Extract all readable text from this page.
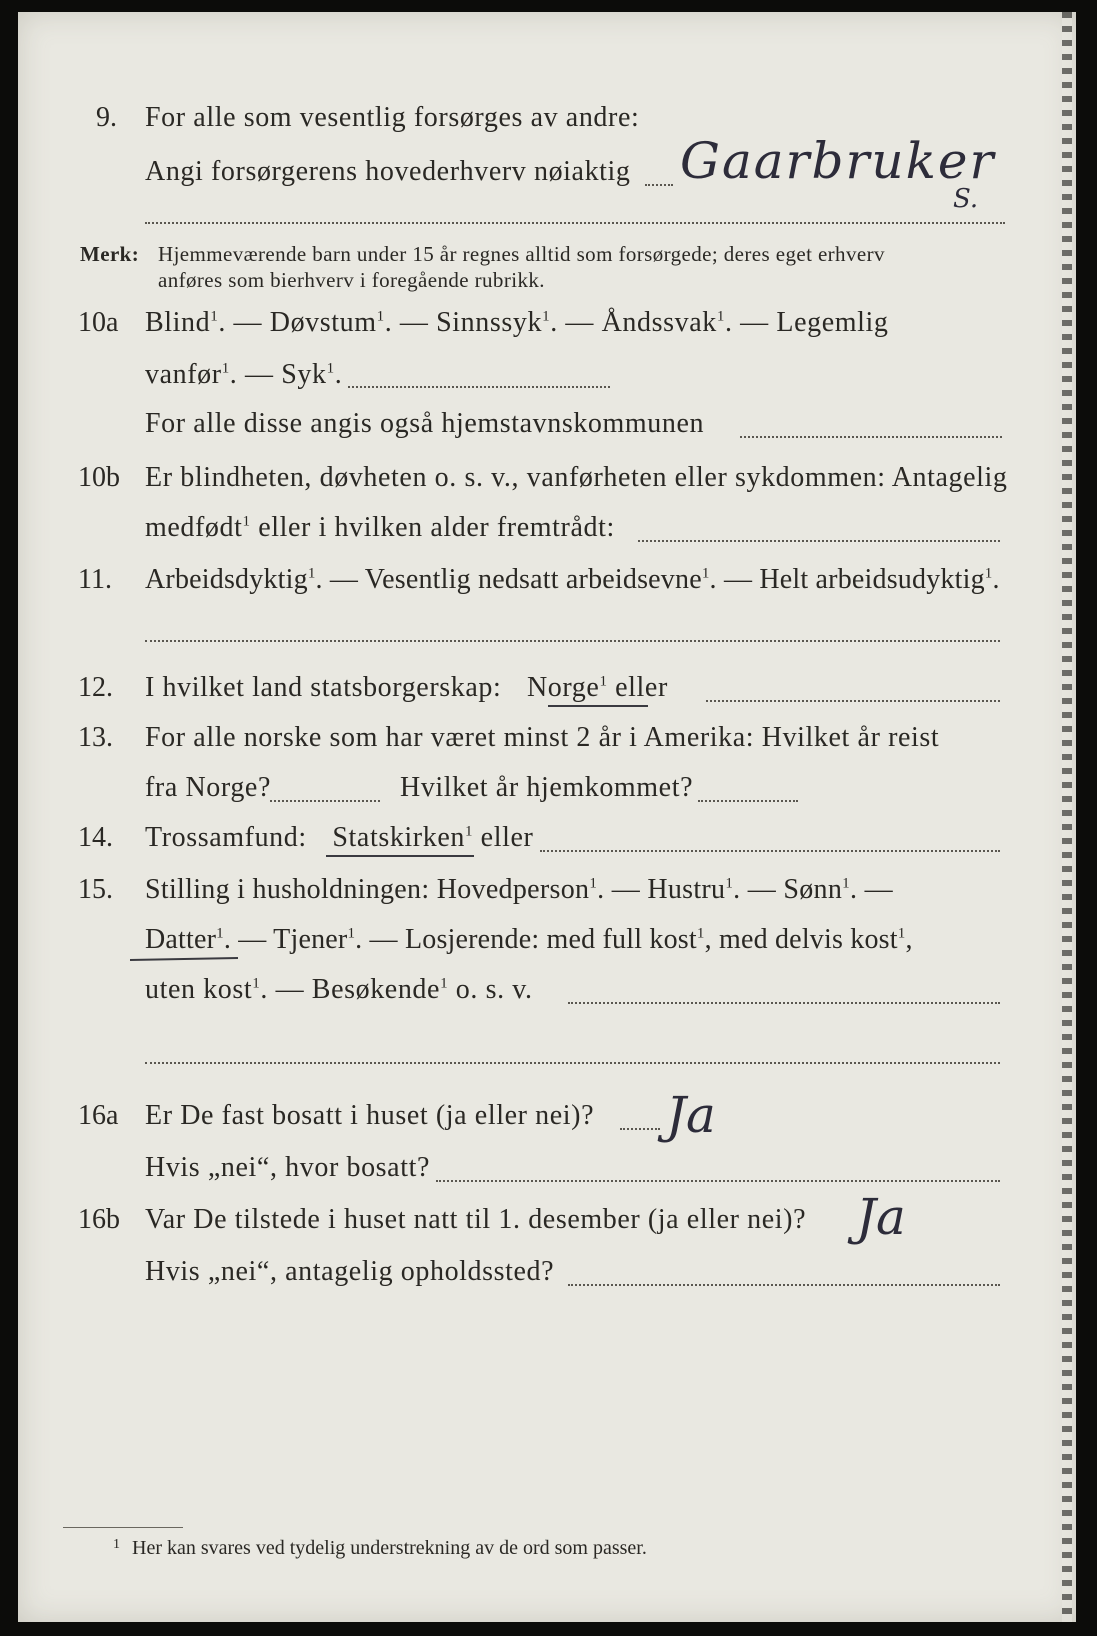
9. For alle som vesentlig forsørges av andre:
Angi forsørgerens hovederhverv nøiaktig Gaarbruker
S.
Merk: Hjemmeværende barn under 15 år regnes alltid som forsørgede; deres eget erhverv
anføres som bierhverv i foregående rubrikk.
10a Blind$^1$. — Døvstum$^1$. — Sinnssyk$^1$. — Åndssvak$^1$. — Legemlig
vanfør$^1$. — Syk$^1$.
For alle disse angis også hjemstavnskommunen
10b Er blindheten, døvheten o. s. v., vanførheten eller sykdommen: Antagelig
medfødt$^1$ eller i hvilken alder fremtrådt:
11. Arbeidsdyktig$^1$. — Vesentlig nedsatt arbeidsevne$^1$. — Helt arbeidsudyktig$^1$.
12. I hvilket land statsborgerskap: Norge$^1$ eller
13. For alle norske som har været minst 2 år i Amerika: Hvilket år reist
fra Norge?	Hvilket år hjemkommet?
14. Trossamfund: Statskirken$^1$ eller
15. Stilling i husholdningen: Hovedperson$^1$. — Hustru$^1$. — Sønn$^1$. —
Datter$^1$. — Tjener$^1$. — Losjerende: med full kost$^1$, med delvis kost$^1$,
uten kost$^1$. — Besøkende$^1$ o. s. v.
16a Er De fast bosatt i huset (ja eller nei)? Ja
Hvis „nei“, hvor bosatt?
16b Var De tilstede i huset natt til 1. desember (ja eller nei)? Ja
Hvis „nei“, antagelig opholdssted?
$^1$ Her kan svares ved tydelig understrekning av de ord som passer.
